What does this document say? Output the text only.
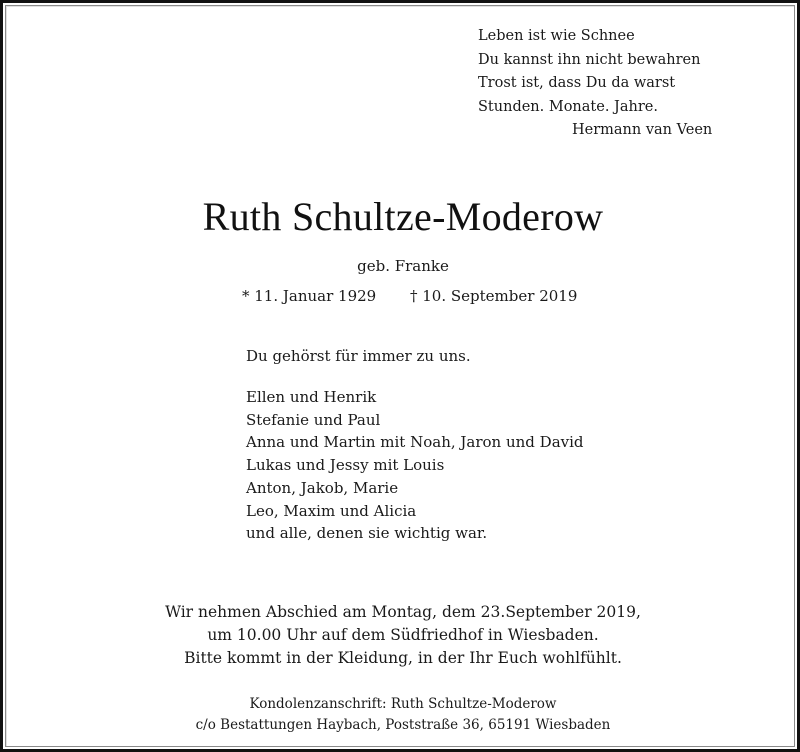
Leben ist wie Schnee
Du kannst ihn nicht bewahren
Trost ist, dass Du da warst
Stunden. Monate. Jahre.
Hermann van Veen
Ruth Schultze-Moderow
geb. Franke
* 11. Januar 1929 † 10. September 2019
Du gehörst für immer zu uns.
Ellen und Henrik
Stefanie und Paul
Anna und Martin mit Noah, Jaron und David
Lukas und Jessy mit Louis
Anton, Jakob, Marie
Leo, Maxim und Alicia
und alle, denen sie wichtig war.
Wir nehmen Abschied am Montag, dem 23.September 2019,
um 10.00 Uhr auf dem Südfriedhof in Wiesbaden.
Bitte kommt in der Kleidung, in der Ihr Euch wohlfühlt.
Kondolenzanschrift: Ruth Schultze-Moderow
c/o Bestattungen Haybach, Poststraße 36, 65191 Wiesbaden
